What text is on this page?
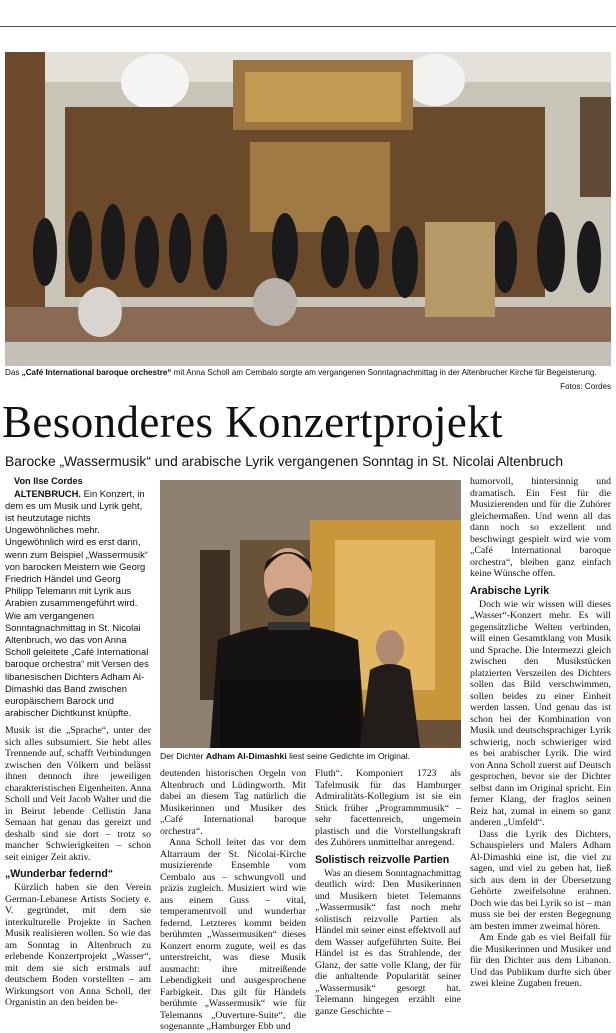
Das „Café International baroque orchestre“ mit Anna Scholl am Cembalo sorgte am vergangenen Sonntagnachmittag in der Altenbrucher Kirche für Begeisterung.
Fotos: Cordes
Besonderes Konzertprojekt
Barocke „Wassermusik“ und arabische Lyrik vergangenen Sonntag in St. Nicolai Altenbruch

Von Ilse Cordes

ALTENBRUCH. Ein Konzert, in dem es um Musik und Lyrik geht, ist heutzutage nichts Ungewöhnliches mehr. Ungewöhnlich wird es erst dann, wenn zum Beispiel „Wassermusik“ von barocken Meistern wie Georg Friedrich Händel und Georg Philipp Telemann mit Lyrik aus Arabien zusammengeführt wird. Wie am vergangenen Sonntagnachmittag in St. Nicolai Altenbruch, wo das von Anna Scholl geleitete „Café International baroque orchestra“ mit Versen des libanesischen Dichters Adham Al-Dimashki das Band zwischen europäischem Barock und arabischer Dichtkunst knüpfte.

Musik ist die „Sprache“, unter der sich alles subsumiert. Sie hebt alles Trennende auf, schafft Verbindungen zwischen den Völkern und belässt ihnen dennoch ihre jeweiligen charakteristischen Eigenheiten. Anna Scholl und Veit Jacob Walter und die in Beirut lebende Cellistin Jana Semaan hat genau das gereizt und deshalb sind sie dort – trotz so mancher Schwierigkeiten – schon seit einiger Zeit aktiv.

„Wunderbar federnd“

Kürzlich haben sie den Verein German-Lebanese Artists Society e. V. gegründet, mit dem sie interkulturelle Projekte in Sachen Musik realisieren wollen. So wie das am Sonntag in Altenbruch zu erlebende Konzertprojekt „Wasser“, mit dem sie sich erstmals auf deutschem Boden vorstellten – am Wirkungsort von Anna Scholl, der Organistin an den beiden be-

Der Dichter Adham Al-Dimashki liest seine Gedichte im Original.

deutenden historischen Orgeln von Altenbruch und Lüdingworth. Mit dabei an diesem Tag natürlich die Musikerinnen und Musiker des „Café International baroque orchestra“.

Anna Scholl leitet das vor dem Altarraum der St. Nicolai-Kirche musizierende Ensemble vom Cembalo aus – schwungvoll und präzis zugleich. Musiziert wird wie aus einem Guss – vital, temperamentvoll und wunderbar federnd. Letzteres kommt beiden berühmten „Wassermusiken“ dieses Konzert enorm zugute, weil es das unterstreicht, was diese Musik ausmacht: ihre mitreißende Lebendigkeit und ausgesprochene Farbigkeit. Das gilt für Händels berühmte „Wassermusik“ wie für Telemanns „Ouverture-Suite“, die sogenannte „Hamburger Ebb und

Fluth“. Komponiert 1723 als Tafelmusik für das Hamburger Admiralitäts-Kollegium ist sie ein Stück früher „Programmmusik“ – sehr facettenreich, ungemein plastisch und die Vorstellungskraft des Zuhörers unmittelbar anregend.

Solistisch reizvolle Partien

Was an diesem Sonntagnachmittag deutlich wird: Den Musikerinnen und Musikern bietet Telemanns „Wassermusik“ fast noch mehr solistisch reizvolle Partien als Händel mit seiner einst effektvoll auf dem Wasser aufgeführten Suite. Bei Händel ist es das Strahlende, der Glanz, der satte volle Klang, der für die anhaltende Popularität seiner „Wassermusik“ gesorgt hat. Telemann hingegen erzählt eine ganze Geschichte –

humorvoll, hintersinnig und dramatisch. Ein Fest für die Musizierenden und für die Zuhörer gleichermaßen. Und wenn all das dann noch so exzellent und beschwingt gespielt wird wie vom „Café International baroque orchestra“, bleiben ganz einfach keine Wünsche offen.

Arabische Lyrik

Doch wie wir wissen will dieses „Wasser“-Konzert mehr. Es will gegensätzliche Welten verbinden, will einen Gesamtklang von Musik und Sprache. Die Intermezzi gleich zwischen den Musikstücken platzierten Verszeilen des Dichters sollen das Bild verschwimmen, sollen beides zu einer Einheit werden lassen. Und genau das ist schon bei der Kombination von Musik und deutschsprachiger Lyrik schwierig, noch schwieriger wird es bei arabischer Lyrik. Die wird von Anna Scholl zuerst auf Deutsch gesprochen, bevor sie der Dichter selbst dann im Original spricht. Ein ferner Klang, der fraglos seinen Reiz hat, zumal in einem so ganz anderen „Umfeld“.

Dass die Lyrik des Dichters, Schauspielers und Malers Adham Al-Dimashki eine ist, die viel zu sagen, und viel zu geben hat, ließ sich aus dem in der Übersetzung Gehörte zweifelsohne erahnen. Doch wie das bei Lyrik so ist – man muss sie bei der ersten Begegnung am besten immer zweimal hören.

Am Ende gab es viel Beifall für die Musikerinnen und Musiker und für den Dichter aus dem Libanon. Und das Publikum durfte sich über zwei kleine Zugaben freuen.
